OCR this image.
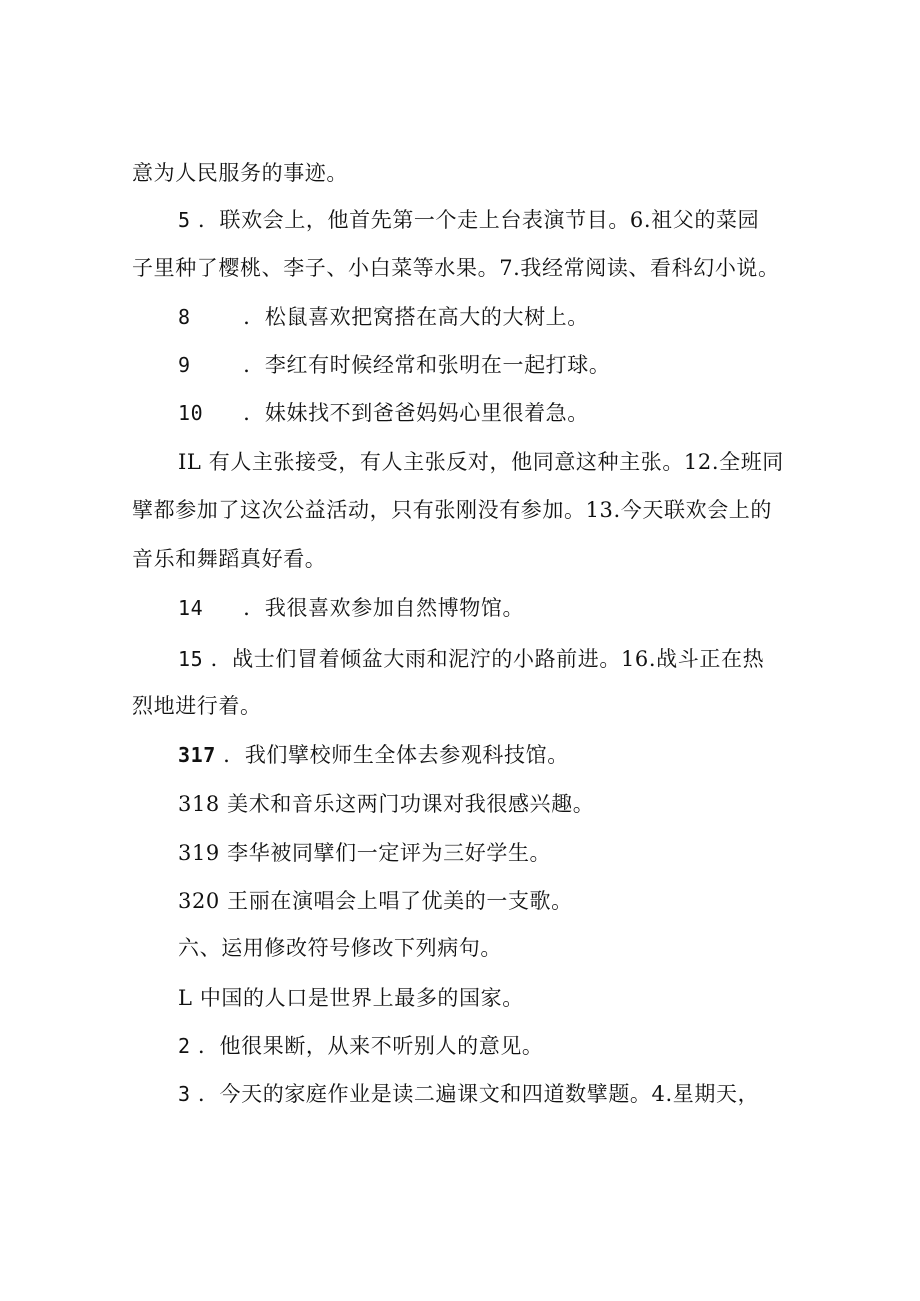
意为人民服务的事迹。
5 ．联欢会上，他首先第一个走上台表演节目。6.祖父的菜园
子里种了樱桃、李子、小白菜等水果。7.我经常阅读、看科幻小说。
8	．松鼠喜欢把窝搭在高大的大树上。
9	．李红有时候经常和张明在一起打球。
10 ．妹妹找不到爸爸妈妈心里很着急。
IL 有人主张接受，有人主张反对，他同意这种主张。12.全班同
擘都参加了这次公益活动，只有张刚没有参加。13.今天联欢会上的
音乐和舞蹈真好看。
14 ．我很喜欢参加自然博物馆。
15 ．战士们冒着倾盆大雨和泥泞的小路前进。16.战斗正在热
烈地进行着。
317 ．我们擘校师生全体去参观科技馆。
318 美术和音乐这两门功课对我很感兴趣。
319 李华被同擘们一定评为三好学生。
320 王丽在演唱会上唱了优美的一支歌。
六、运用修改符号修改下列病句。
L 中国的人口是世界上最多的国家。
2 ．他很果断，从来不听别人的意见。
3 ．今天的家庭作业是读二遍课文和四道数擘题。4.星期天，
